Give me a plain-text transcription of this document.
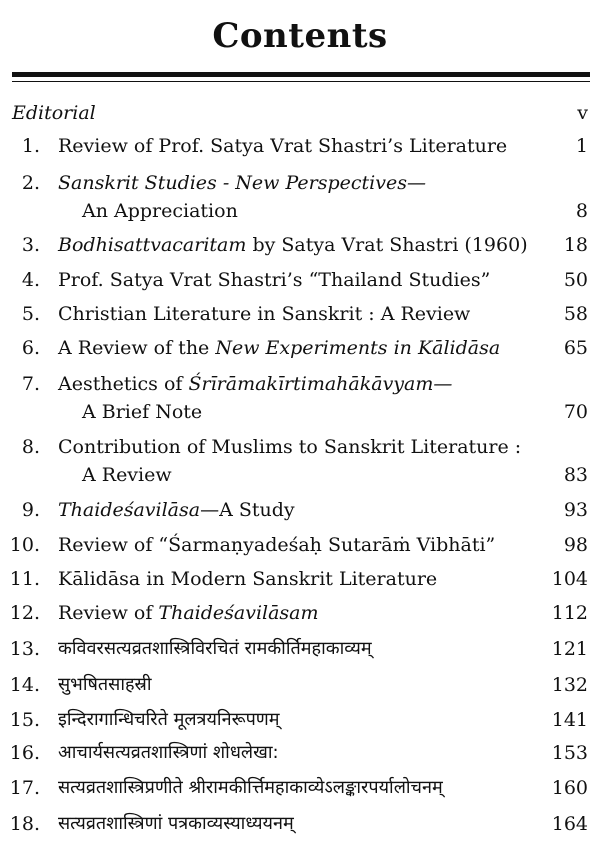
Contents
Editorial	v
1. Review of Prof. Satya Vrat Shastri’s Literature	1
2. Sanskrit Studies - New Perspectives—
An Appreciation	8
3. Bodhisattvacaritam by Satya Vrat Shastri (1960) 18
4. Prof. Satya Vrat Shastri’s “Thailand Studies”	50
5. Christian Literature in Sanskrit : A Review	58
6. A Review of the New Experiments in Kālidāsa	65
7. Aesthetics of Śrīrāmakīrtimahākāvyam—
A Brief Note	70
8. Contribution of Muslims to Sanskrit Literature :
A Review	83
9. Thaideśavilāsa—A Study	93
10. Review of “Śarmaṇyadeśaḥ Sutarāṁ Vibhāti”	98
11. Kālidāsa in Modern Sanskrit Literature	104
12. Review of Thaideśavilāsam	112
13. कविवरसत्यव्रतशास्त्रिविरचितं रामकीर्तिमहाकाव्यम्	121
14. सुभषितसाहस्री	132
15. इन्दिरागान्धिचरिते मूलत्रयनिरूपणम्	141
16. आचार्यसत्यव्रतशास्त्रिणां शोधलेखा:	153
17. सत्यव्रतशास्त्रिप्रणीते श्रीरामकीर्त्तिमहाकाव्येऽलङ्कारपर्यालोचनम्	160
18. सत्यव्रतशास्त्रिणां पत्रकाव्यस्याध्ययनम्	164
